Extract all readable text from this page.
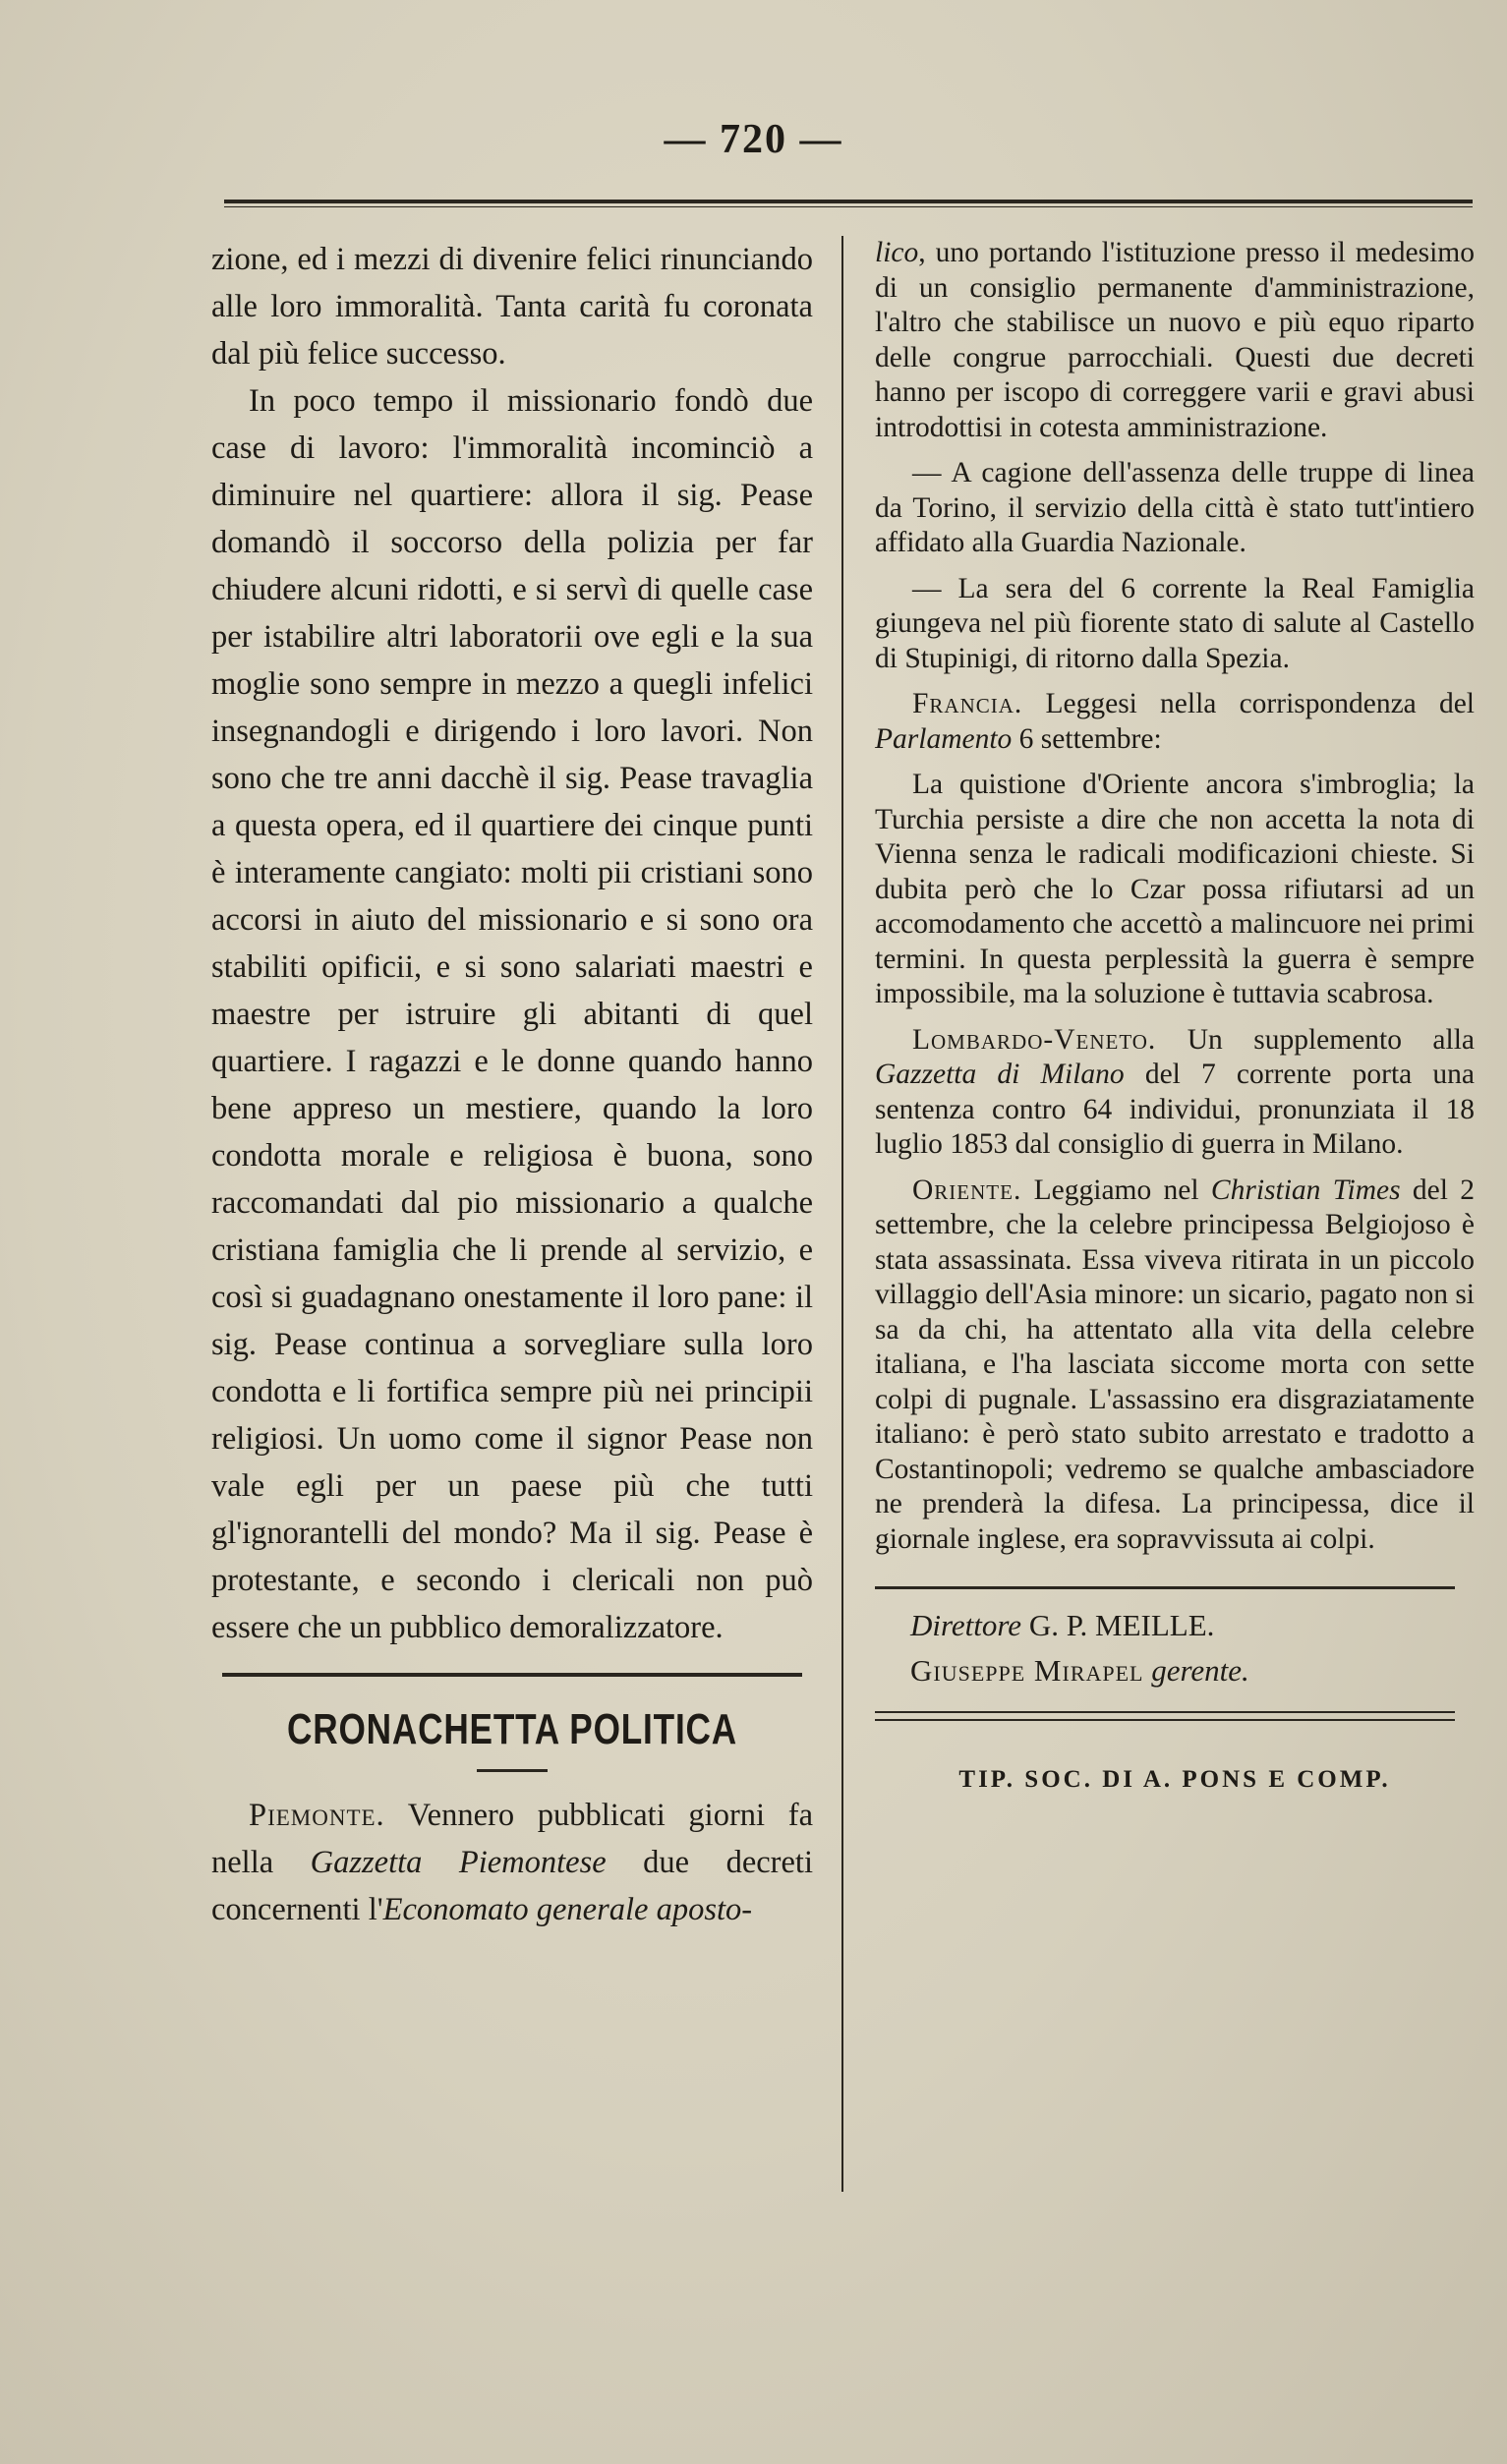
— 720 —

zione, ed i mezzi di divenire felici rinunciando alle loro immoralità. Tanta carità fu coronata dal più felice successo.

In poco tempo il missionario fondò due case di lavoro: l'immoralità incominciò a diminuire nel quartiere: allora il sig. Pease domandò il soccorso della polizia per far chiudere alcuni ridotti, e si servì di quelle case per istabilire altri laboratorii ove egli e la sua moglie sono sempre in mezzo a quegli infelici insegnandogli e dirigendo i loro lavori. Non sono che tre anni dacchè il sig. Pease travaglia a questa opera, ed il quartiere dei cinque punti è interamente cangiato: molti pii cristiani sono accorsi in aiuto del missionario e si sono ora stabiliti opificii, e si sono salariati maestri e maestre per istruire gli abitanti di quel quartiere. I ragazzi e le donne quando hanno bene appreso un mestiere, quando la loro condotta morale e religiosa è buona, sono raccomandati dal pio missionario a qualche cristiana famiglia che li prende al servizio, e così si guadagnano onestamente il loro pane: il sig. Pease continua a sorvegliare sulla loro condotta e li fortifica sempre più nei principii religiosi. Un uomo come il signor Pease non vale egli per un paese più che tutti gl'ignorantelli del mondo? Ma il sig. Pease è protestante, e secondo i clericali non può essere che un pubblico demoralizzatore.

CRONACHETTA POLITICA

Piemonte. Vennero pubblicati giorni fa nella Gazzetta Piemontese due decreti concernenti l'Economato generale aposto-

lico, uno portando l'istituzione presso il medesimo di un consiglio permanente d'amministrazione, l'altro che stabilisce un nuovo e più equo riparto delle congrue parrocchiali. Questi due decreti hanno per iscopo di correggere varii e gravi abusi introdottisi in cotesta amministrazione.

— A cagione dell'assenza delle truppe di linea da Torino, il servizio della città è stato tutt'intiero affidato alla Guardia Nazionale.

— La sera del 6 corrente la Real Famiglia giungeva nel più fiorente stato di salute al Castello di Stupinigi, di ritorno dalla Spezia.

Francia. Leggesi nella corrispondenza del Parlamento 6 settembre:

La quistione d'Oriente ancora s'imbroglia; la Turchia persiste a dire che non accetta la nota di Vienna senza le radicali modificazioni chieste. Si dubita però che lo Czar possa rifiutarsi ad un accomodamento che accettò a malincuore nei primi termini. In questa perplessità la guerra è sempre impossibile, ma la soluzione è tuttavia scabrosa.

Lombardo-Veneto. Un supplemento alla Gazzetta di Milano del 7 corrente porta una sentenza contro 64 individui, pronunziata il 18 luglio 1853 dal consiglio di guerra in Milano.

Oriente. Leggiamo nel Christian Times del 2 settembre, che la celebre principessa Belgiojoso è stata assassinata. Essa viveva ritirata in un piccolo villaggio dell'Asia minore: un sicario, pagato non si sa da chi, ha attentato alla vita della celebre italiana, e l'ha lasciata siccome morta con sette colpi di pugnale. L'assassino era disgraziatamente italiano: è però stato subito arrestato e tradotto a Costantinopoli; vedremo se qualche ambasciadore ne prenderà la difesa. La principessa, dice il giornale inglese, era sopravvissuta ai colpi.

Direttore G. P. MEILLE.
Giuseppe Mirapel gerente.
TIP. SOC. DI A. PONS E COMP.
